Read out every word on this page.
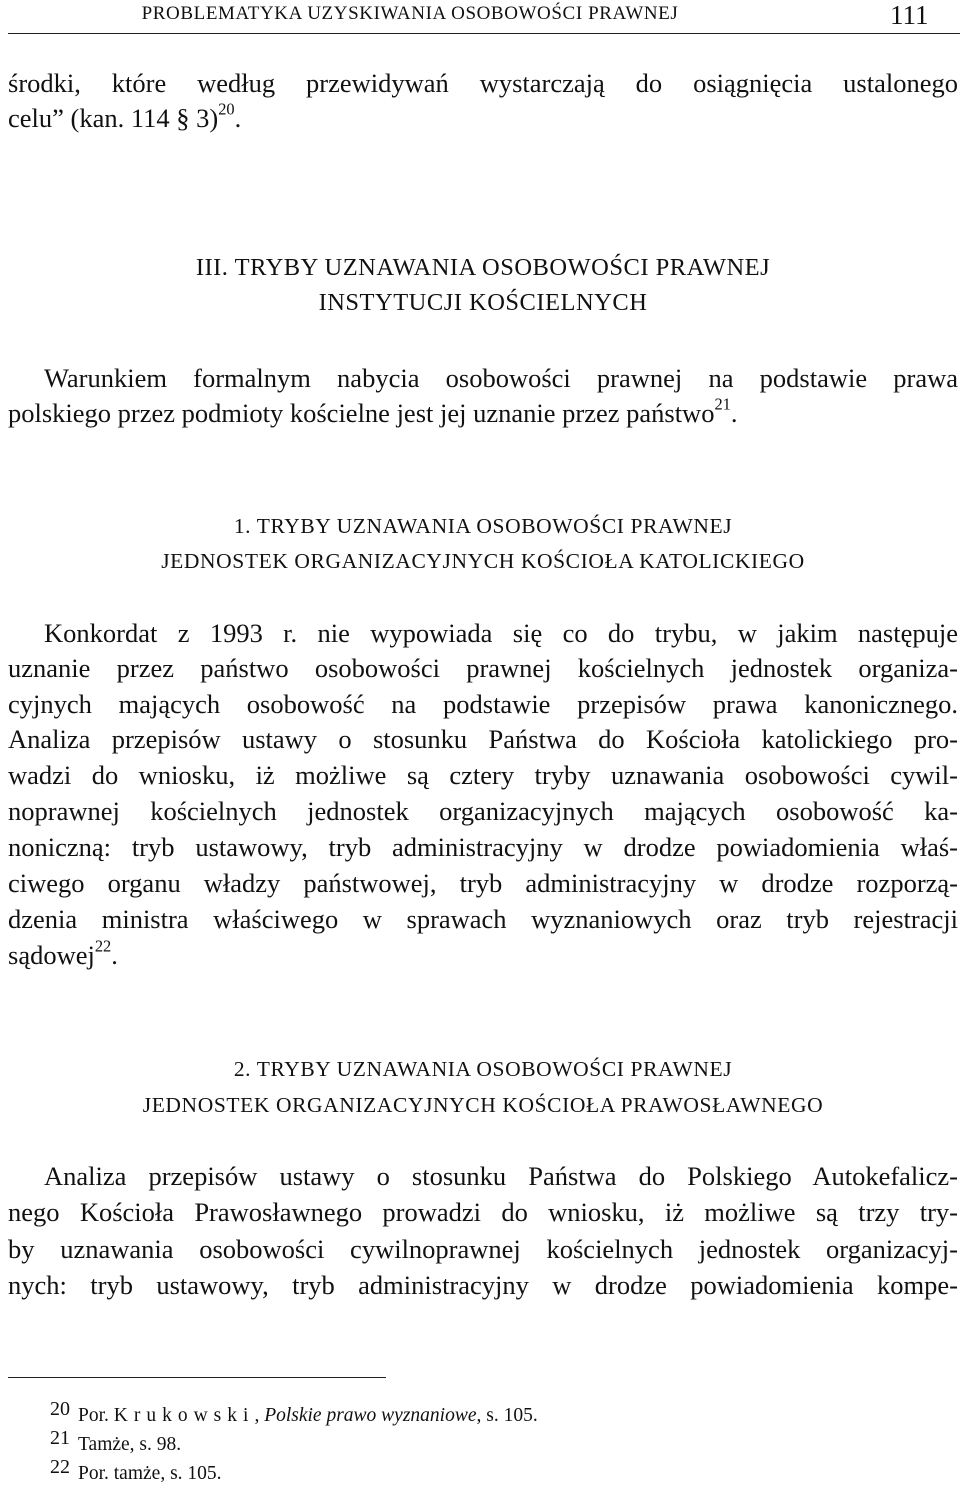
PROBLEMATYKA UZYSKIWANIA OSOBOWOŚCI PRAWNEJ	111
środki, które według przewidywań wystarczają do osiągnięcia ustalonego
celu” (kan. 114 § 3)$^{20}$.
III. TRYBY UZNAWANIA OSOBOWOŚCI PRAWNEJ
INSTYTUCJI KOŚCIELNYCH
Warunkiem formalnym nabycia osobowości prawnej na podstawie prawa
polskiego przez podmioty kościelne jest jej uznanie przez państwo$^{21}$.
1. TRYBY UZNAWANIA OSOBOWOŚCI PRAWNEJ
JEDNOSTEK ORGANIZACYJNYCH KOŚCIOŁA KATOLICKIEGO
Konkordat z 1993 r. nie wypowiada się co do trybu, w jakim następuje
uznanie przez państwo osobowości prawnej kościelnych jednostek organiza-
cyjnych mających osobowość na podstawie przepisów prawa kanonicznego.
Analiza przepisów ustawy o stosunku Państwa do Kościoła katolickiego pro-
wadzi do wniosku, iż możliwe są cztery tryby uznawania osobowości cywil-
noprawnej kościelnych jednostek organizacyjnych mających osobowość ka-
noniczną: tryb ustawowy, tryb administracyjny w drodze powiadomienia właś-
ciwego organu władzy państwowej, tryb administracyjny w drodze rozporzą-
dzenia ministra właściwego w sprawach wyznaniowych oraz tryb rejestracji
sądowej$^{22}$.
2. TRYBY UZNAWANIA OSOBOWOŚCI PRAWNEJ
JEDNOSTEK ORGANIZACYJNYCH KOŚCIOŁA PRAWOSŁAWNEGO
Analiza przepisów ustawy o stosunku Państwa do Polskiego Autokefalicz-
nego Kościoła Prawosławnego prowadzi do wniosku, iż możliwe są trzy try-
by uznawania osobowości cywilnoprawnej kościelnych jednostek organizacyj-
nych: tryb ustawowy, tryb administracyjny w drodze powiadomienia kompe-
20 Por. Krukowski, Polskie prawo wyznaniowe, s. 105.
21 Tamże, s. 98.
22 Por. tamże, s. 105.
